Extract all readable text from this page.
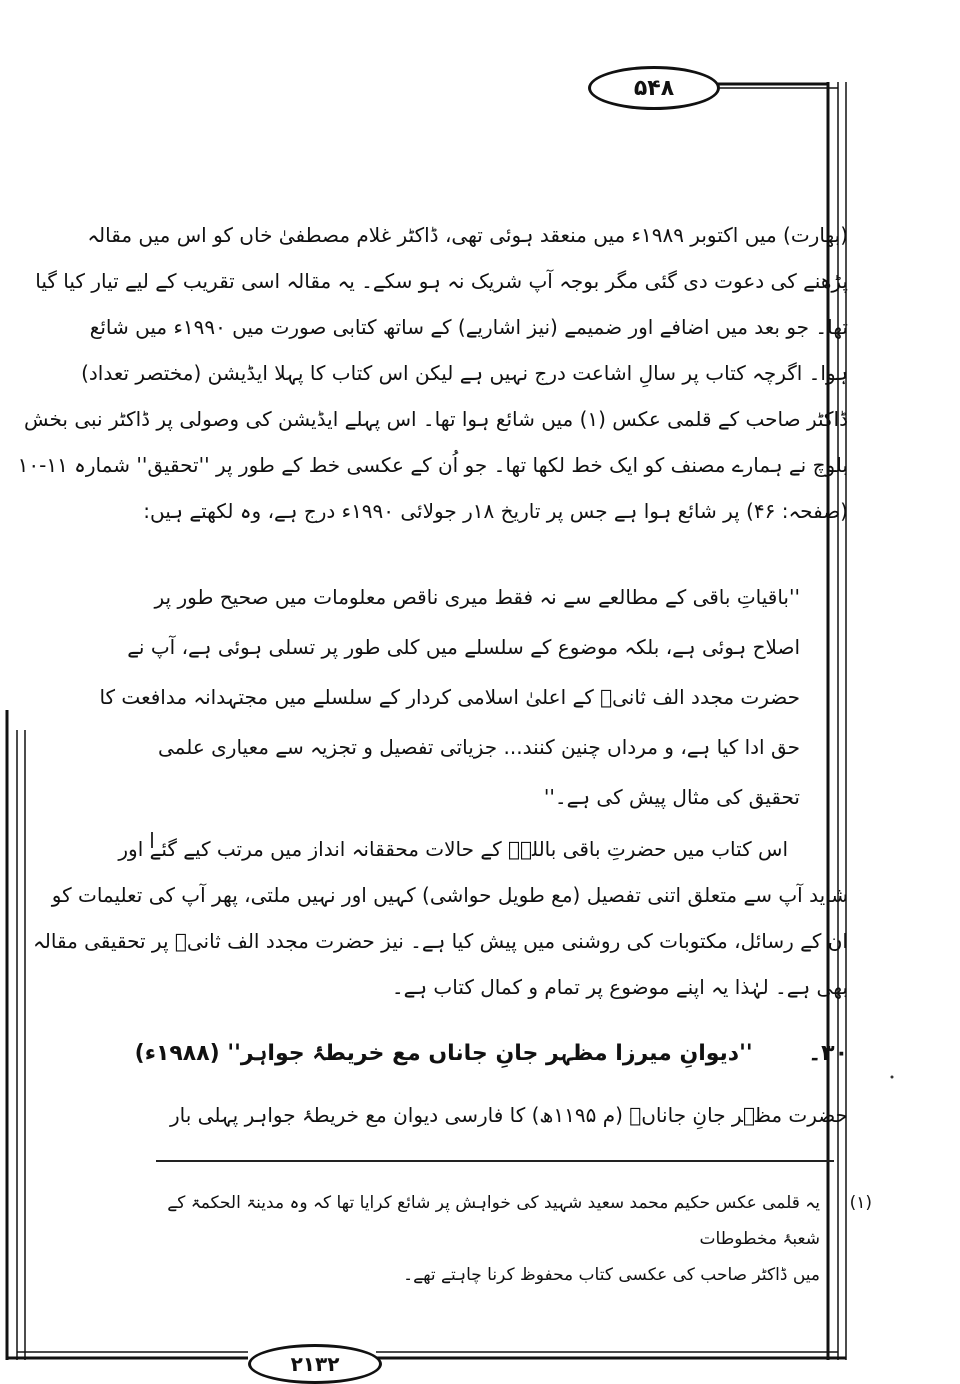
۵۴۸
(بھارت) میں اکتوبر ۱۹۸۹ء میں منعقد ہوئی تھی، ڈاکٹر غلام مصطفیٰ خاں کو اس میں مقالہ
پڑھنے کی دعوت دی گئی مگر بوجہ آپ شریک نہ ہو سکے۔ یہ مقالہ اسی تقریب کے لیے تیار کیا گیا
تھا۔ جو بعد میں اضافے اور ضمیمے (نیز اشاریے) کے ساتھ کتابی صورت میں ۱۹۹۰ء میں شائع
ہوا۔ اگرچہ کتاب پر سالِ اشاعت درج نہیں ہے لیکن اس کتاب کا پہلا ایڈیشن (مختصر تعداد)
ڈاکٹر صاحب کے قلمی عکس (۱) میں شائع ہوا تھا۔ اس پہلے ایڈیشن کی وصولی پر ڈاکٹر نبی بخش
بلوچ نے ہمارے مصنف کو ایک خط لکھا تھا۔ جو اُن کے عکسی خط کے طور پر ''تحقیق'' شمارہ ۱۱-۱۰
(صفحہ: ۴۶) پر شائع ہوا ہے جس پر تاریخ ۱۸ر جولائی ۱۹۹۰ء درج ہے، وہ لکھتے ہیں:
''باقیاتِ باقی کے مطالعے سے نہ فقط میری ناقص معلومات میں صحیح طور پر
اصلاح ہوئی ہے، بلکہ موضوع کے سلسلے میں کلی طور پر تسلی ہوئی ہے، آپ نے
حضرت مجدد الف ثانیؒ کے اعلیٰ اسلامی کردار کے سلسلے میں مجتہدانہ مدافعت کا
حق ادا کیا ہے، و مرداں چنین کنند... جزیاتی تفصیل و تجزیہ سے معیاری علمی
تحقیق کی مثال پیش کی ہے۔''
اس کتاب میں حضرتِ باقی باللہؒ کے حالات محققانہ انداز میں مرتب کیے گئے اور
شاید آپ سے متعلق اتنی تفصیل (مع طویل حواشی) کہیں اور نہیں ملتی، پھر آپ کی تعلیمات کو
ان کے رسائل، مکتوبات کی روشنی میں پیش کیا ہے۔ نیز حضرت مجدد الف ثانیؒ پر تحقیقی مقالہ
بھی ہے۔ لہٰذا یہ اپنے موضوع پر تمام و کمال کتاب ہے۔
۳۰۔ ''دیوانِ میرزا مظہر جانِ جاناں مع خریطۂ جواہر'' (۱۹۸۸ء)
حضرت مظہر جانِ جاناںؒ (م ۱۱۹۵ھ) کا فارسی دیوان مع خریطۂ جواہر پہلی بار
(۱)
یہ قلمی عکس حکیم محمد سعید شہید کی خواہش پر شائع کرایا تھا کہ وہ مدینۃ الحکمۃ کے شعبۂ مخطوطات
میں ڈاکٹر صاحب کی عکسی کتاب محفوظ کرنا چاہتے تھے۔
۲۱۳۲
